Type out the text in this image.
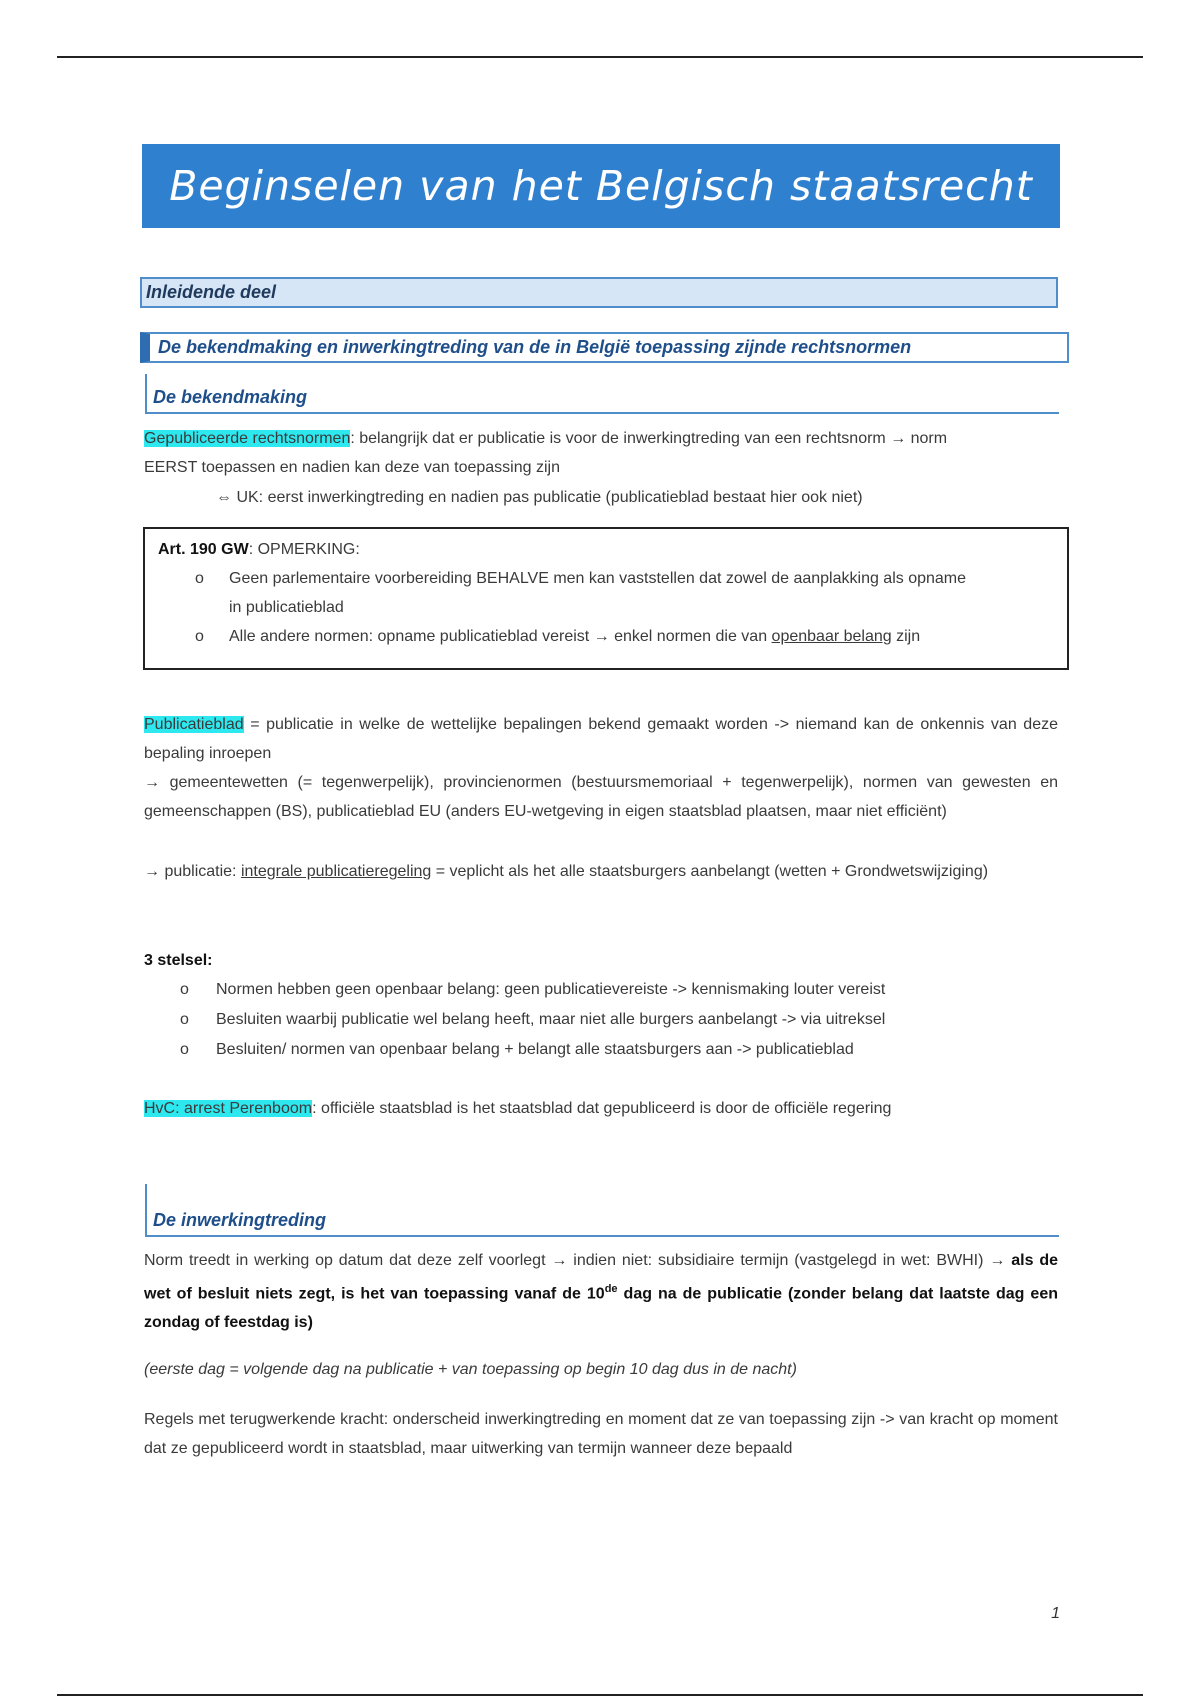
Beginselen van het Belgisch staatsrecht
Inleidende deel
De bekendmaking en inwerkingtreding van de in België toepassing zijnde rechtsnormen
De bekendmaking
Gepubliceerde rechtsnormen: belangrijk dat er publicatie is voor de inwerkingtreding van een rechtsnorm → norm
EERST toepassen en nadien kan deze van toepassing zijn
⇔ UK: eerst inwerkingtreding en nadien pas publicatie (publicatieblad bestaat hier ook niet)
Art. 190 GW: OPMERKING:
o Geen parlementaire voorbereiding BEHALVE men kan vaststellen dat zowel de aanplakking als opname
in publicatieblad
o Alle andere normen: opname publicatieblad vereist → enkel normen die van openbaar belang zijn
Publicatieblad = publicatie in welke de wettelijke bepalingen bekend gemaakt worden -> niemand kan de onkennis van deze bepaling inroepen
→ gemeentewetten (= tegenwerpelijk), provincienormen (bestuursmemoriaal + tegenwerpelijk), normen van gewesten en gemeenschappen (BS), publicatieblad EU (anders EU-wetgeving in eigen staatsblad plaatsen, maar niet efficiënt)
→ publicatie: integrale publicatieregeling = veplicht als het alle staatsburgers aanbelangt (wetten + Grondwetswijziging)
3 stelsel:
o Normen hebben geen openbaar belang: geen publicatievereiste -> kennismaking louter vereist
o Besluiten waarbij publicatie wel belang heeft, maar niet alle burgers aanbelangt -> via uitreksel
o Besluiten/ normen van openbaar belang + belangt alle staatsburgers aan -> publicatieblad
HvC: arrest Perenboom: officiële staatsblad is het staatsblad dat gepubliceerd is door de officiële regering
De inwerkingtreding
Norm treedt in werking op datum dat deze zelf voorlegt → indien niet: subsidiaire termijn (vastgelegd in wet: BWHI) → als de wet of besluit niets zegt, is het van toepassing vanaf de 10de dag na de publicatie (zonder belang dat laatste dag een zondag of feestdag is)
(eerste dag = volgende dag na publicatie + van toepassing op begin 10 dag dus in de nacht)
Regels met terugwerkende kracht: onderscheid inwerkingtreding en moment dat ze van toepassing zijn -> van kracht op moment dat ze gepubliceerd wordt in staatsblad, maar uitwerking van termijn wanneer deze bepaald
1
